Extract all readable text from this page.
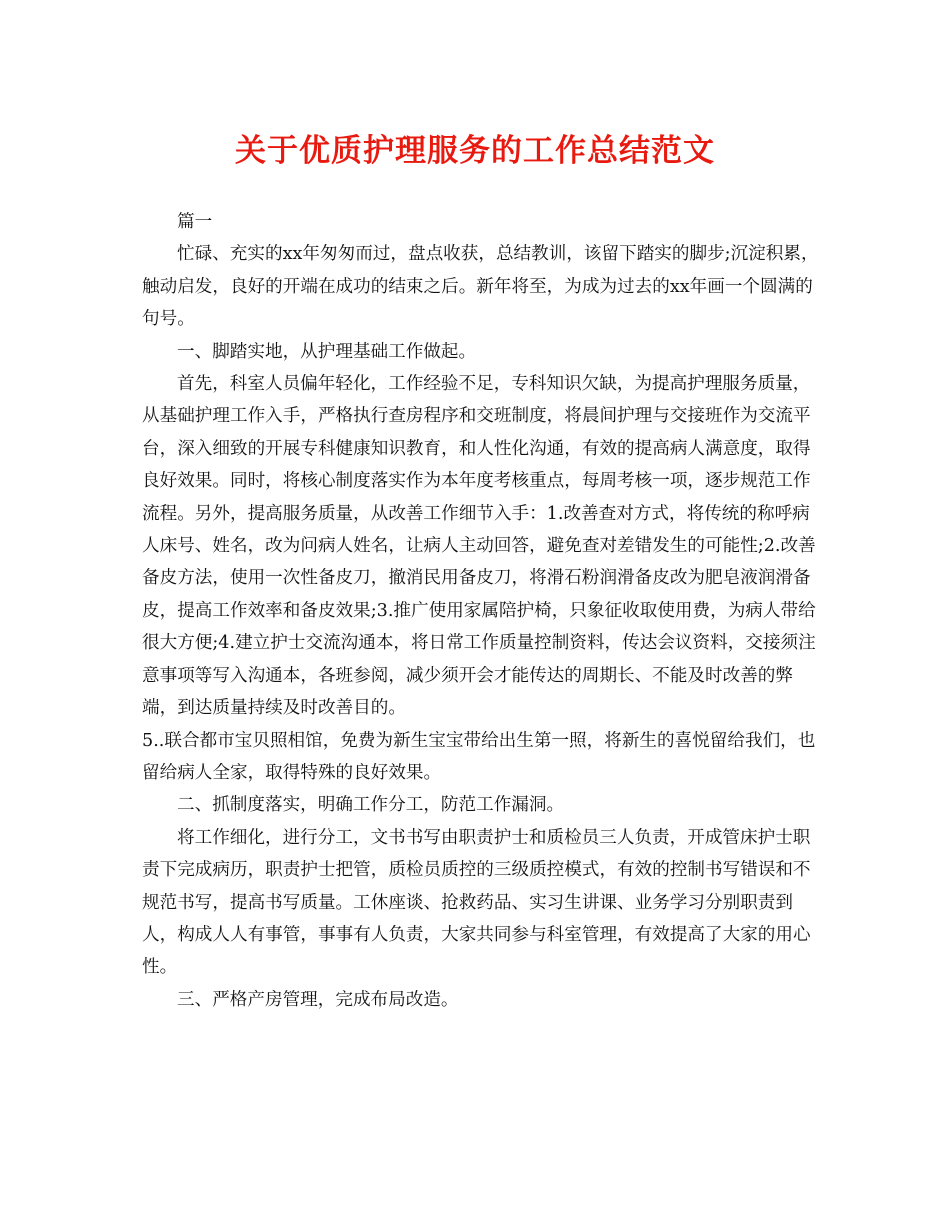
关于优质护理服务的工作总结范文

篇一

忙碌、充实的xx年匆匆而过，盘点收获，总结教训，该留下踏实的脚步;沉淀积累，触动启发，良好的开端在成功的结束之后。新年将至，为成为过去的xx年画一个圆满的句号。

一、脚踏实地，从护理基础工作做起。

首先，科室人员偏年轻化，工作经验不足，专科知识欠缺，为提高护理服务质量，从基础护理工作入手，严格执行查房程序和交班制度，将晨间护理与交接班作为交流平台，深入细致的开展专科健康知识教育，和人性化沟通，有效的提高病人满意度，取得良好效果。同时，将核心制度落实作为本年度考核重点，每周考核一项，逐步规范工作流程。另外，提高服务质量，从改善工作细节入手：1.改善查对方式，将传统的称呼病人床号、姓名，改为问病人姓名，让病人主动回答，避免查对差错发生的可能性;2.改善备皮方法，使用一次性备皮刀，撤消民用备皮刀，将滑石粉润滑备皮改为肥皂液润滑备皮，提高工作效率和备皮效果;3.推广使用家属陪护椅，只象征收取使用费，为病人带给很大方便;4.建立护士交流沟通本，将日常工作质量控制资料，传达会议资料，交接须注意事项等写入沟通本，各班参阅，减少须开会才能传达的周期长、不能及时改善的弊端，到达质量持续及时改善目的。

5..联合都市宝贝照相馆，免费为新生宝宝带给出生第一照，将新生的喜悦留给我们，也留给病人全家，取得特殊的良好效果。

二、抓制度落实，明确工作分工，防范工作漏洞。

将工作细化，进行分工，文书书写由职责护士和质检员三人负责，开成管床护士职责下完成病历，职责护士把管，质检员质控的三级质控模式，有效的控制书写错误和不规范书写，提高书写质量。工休座谈、抢救药品、实习生讲课、业务学习分别职责到人，构成人人有事管，事事有人负责，大家共同参与科室管理，有效提高了大家的用心性。

三、严格产房管理，完成布局改造。
